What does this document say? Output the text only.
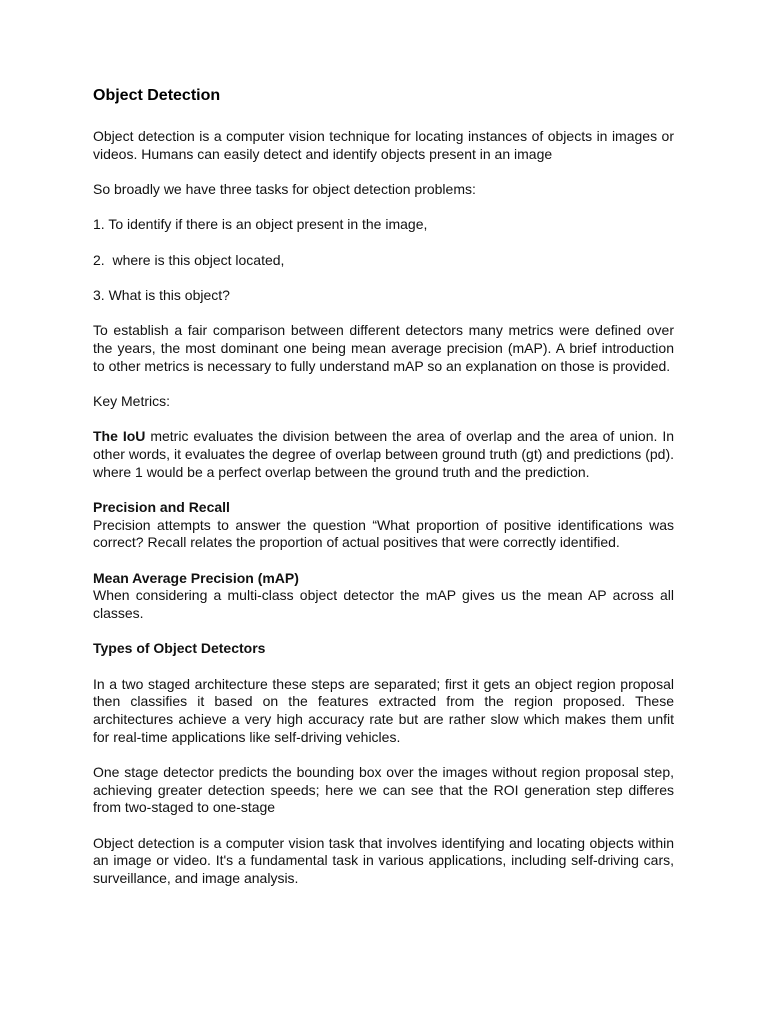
Object Detection

Object detection is a computer vision technique for locating instances of objects in images or videos. Humans can easily detect and identify objects present in an image

So broadly we have three tasks for object detection problems:

1. To identify if there is an object present in the image,

2.  where is this object located,

3. What is this object?

To establish a fair comparison between different detectors many metrics were defined over the years, the most dominant one being mean average precision (mAP). A brief introduction to other metrics is necessary to fully understand mAP so an explanation on those is provided.

Key Metrics:

The IoU metric evaluates the division between the area of overlap and the area of union. In other words, it evaluates the degree of overlap between ground truth (gt) and predictions (pd). where 1 would be a perfect overlap between the ground truth and the prediction.

Precision and Recall
Precision attempts to answer the question “What proportion of positive identifications was correct? Recall relates the proportion of actual positives that were correctly identified.

Mean Average Precision (mAP)
When considering a multi-class object detector the mAP gives us the mean AP across all classes.

Types of Object Detectors

In a two staged architecture these steps are separated; first it gets an object region proposal then classifies it based on the features extracted from the region proposed. These architectures achieve a very high accuracy rate but are rather slow which makes them unfit for real-time applications like self-driving vehicles.

One stage detector predicts the bounding box over the images without region proposal step, achieving greater detection speeds; here we can see that the ROI generation step differes from two-staged to one-stage

Object detection is a computer vision task that involves identifying and locating objects within an image or video. It's a fundamental task in various applications, including self-driving cars, surveillance, and image analysis.
